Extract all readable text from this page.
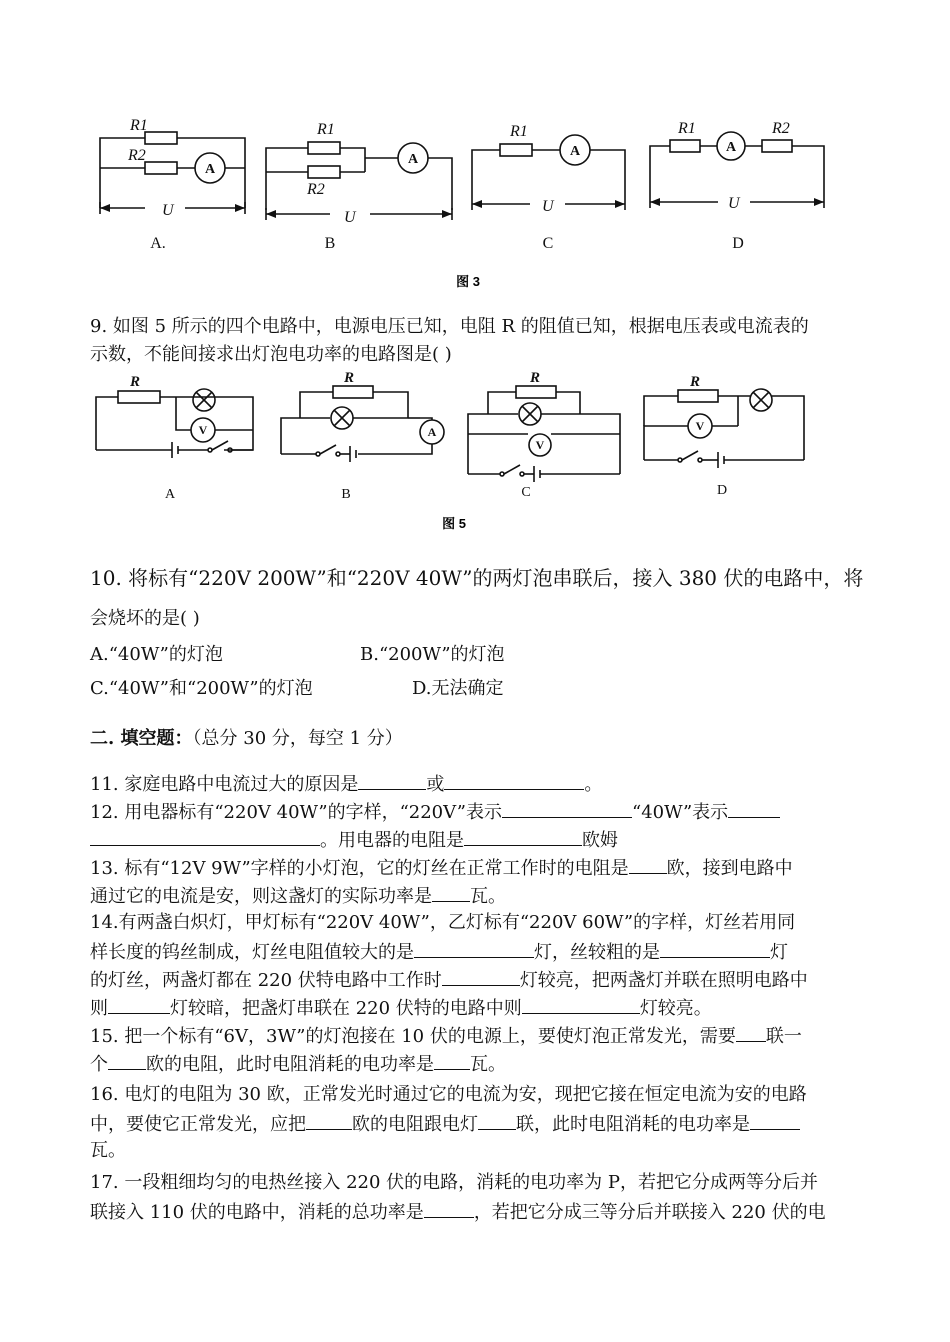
R1
R2
R1
R2
R1	R1	R2
U	U
U	U
A
A
A	A
A.	B	C	D
图 3
9. 如图 5 所示的四个电路中，电源电压已知，电阻 R 的阻值已知，根据电压表或电流表的
示数，不能间接求出灯泡电功率的电路图是( )
R	R	R	R
V	A
V
V
A	B	C	D
图 5
10. 将标有“220V 200W”和“220V 40W”的两灯泡串联后，接入 380 伏的电路中，将
会烧坏的是( )
A.“40W”的灯泡	B.“200W”的灯泡
C.“40W”和“200W”的灯泡	D.无法确定
二. 填空题：（总分 30 分，每空 1 分）
11. 家庭电路中电流过大的原因是	或	。
12. 用电器标有“220V 40W”的字样，“220V”表示	“40W”表示
。用电器的电阻是	欧姆
13. 标有“12V 9W”字样的小灯泡，它的灯丝在正常工作时的电阻是 欧，接到电路中
通过它的电流是安，则这盏灯的实际功率是 瓦。
14.有两盏白炽灯，甲灯标有“220V 40W”，乙灯标有“220V 60W”的字样，灯丝若用同
样长度的钨丝制成，灯丝电阻值较大的是	灯，丝较粗的是	灯
的灯丝，两盏灯都在 220 伏特电路中工作时	灯较亮，把两盏灯并联在照明电路中
则	灯较暗，把盏灯串联在 220 伏特的电路中则	灯较亮。
15. 把一个标有“6V，3W”的灯泡接在 10 伏的电源上，要使灯泡正常发光，需要 联一
个 欧的电阻，此时电阻消耗的电功率是 瓦。
16. 电灯的电阻为 30 欧，正常发光时通过它的电流为安，现把它接在恒定电流为安的电路
中，要使它正常发光，应把	欧的电阻跟电灯 联，此时电阻消耗的电功率是
瓦。
17. 一段粗细均匀的电热丝接入 220 伏的电路，消耗的电功率为 P，若把它分成两等分后并
联接入 110 伏的电路中，消耗的总功率是	，若把它分成三等分后并联接入 220 伏的电
